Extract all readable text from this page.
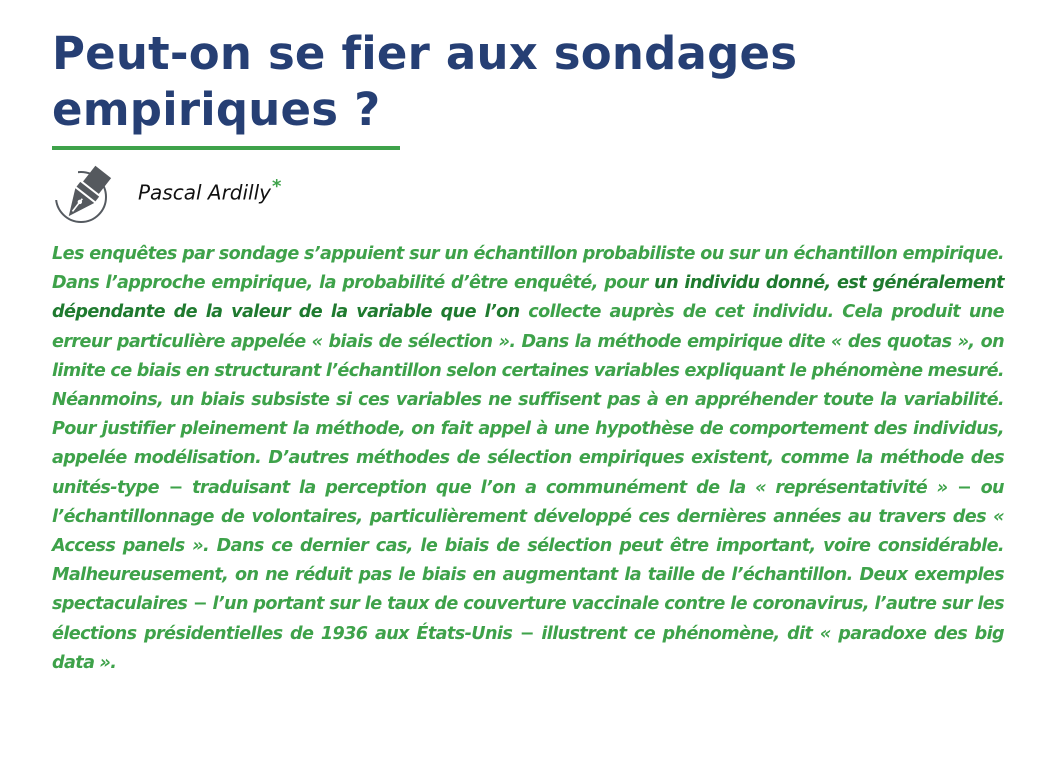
Peut-on se fier aux sondages empiriques ?
Pascal Ardilly*

Les enquêtes par sondage s’appuient sur un échantillon probabiliste ou sur un échantillon empirique. Dans l’approche empirique, la probabilité d’être enquêté, pour un individu donné, est généralement dépendante de la valeur de la variable que l’on collecte auprès de cet individu. Cela produit une erreur particulière appelée « biais de sélection ». Dans la méthode empirique dite « des quotas », on limite ce biais en structurant l’échantillon selon certaines variables expliquant le phénomène mesuré. Néanmoins, un biais subsiste si ces variables ne suffisent pas à en appréhender toute la variabilité. Pour justifier pleinement la méthode, on fait appel à une hypothèse de comportement des individus, appelée modélisation. D’autres méthodes de sélection empiriques existent, comme la méthode des unités-type − traduisant la perception que l’on a communément de la « représentativité » − ou l’échantillonnage de volontaires, particulièrement développé ces dernières années au travers des « Access panels ». Dans ce dernier cas, le biais de sélection peut être important, voire considérable. Malheureusement, on ne réduit pas le biais en augmentant la taille de l’échantillon. Deux exemples spectaculaires − l’un portant sur le taux de couverture vaccinale contre le coronavirus, l’autre sur les élections présidentielles de 1936 aux États-Unis − illustrent ce phénomène, dit « paradoxe des big data ».
